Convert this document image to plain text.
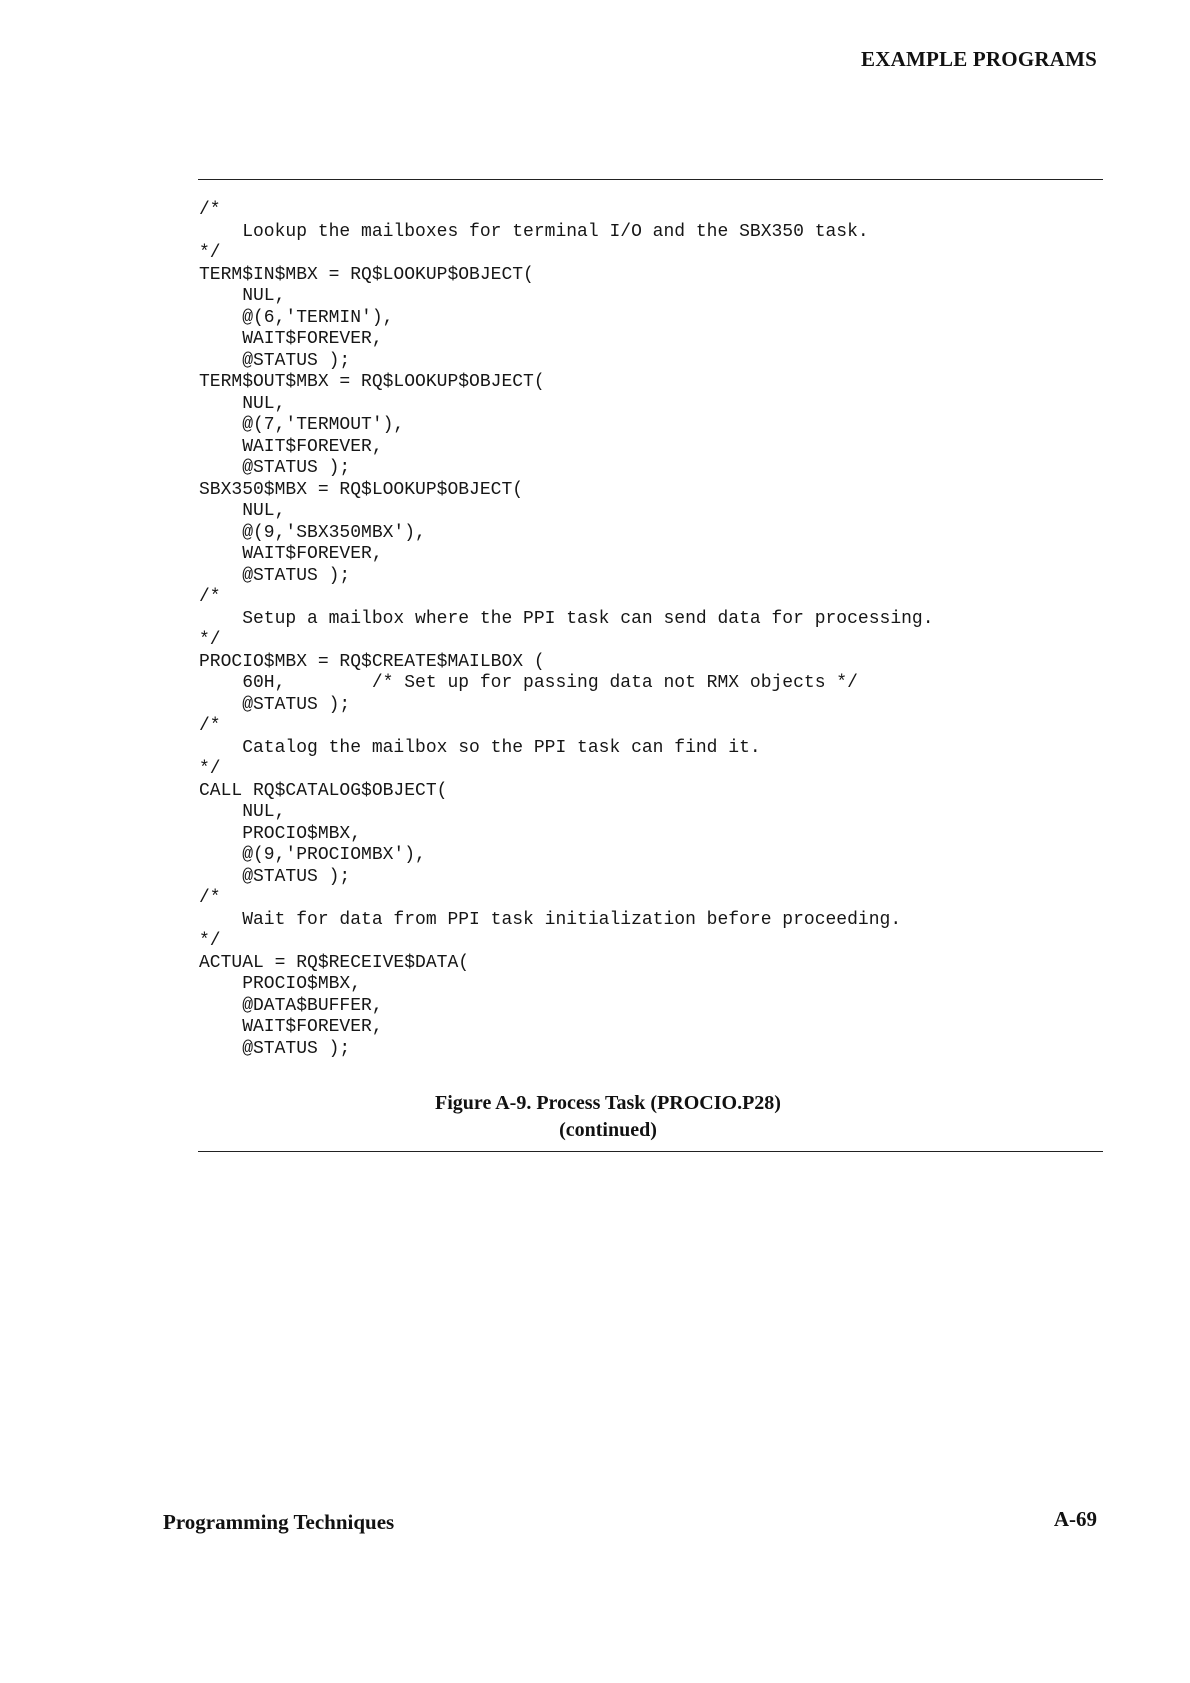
EXAMPLE PROGRAMS
/*
Lookup the mailboxes for terminal I/O and the SBX350 task.
*/
TERM$IN$MBX = RQ$LOOKUP$OBJECT(
NUL,
@(6,'TERMIN'),
WAIT$FOREVER,
@STATUS );
TERM$OUT$MBX = RQ$LOOKUP$OBJECT(
NUL,
@(7,'TERMOUT'),
WAIT$FOREVER,
@STATUS );
SBX350$MBX = RQ$LOOKUP$OBJECT(
NUL,
@(9,'SBX350MBX'),
WAIT$FOREVER,
@STATUS );
/*
Setup a mailbox where the PPI task can send data for processing.
*/
PROCIO$MBX = RQ$CREATE$MAILBOX (
60H,        /* Set up for passing data not RMX objects */
@STATUS );
/*
Catalog the mailbox so the PPI task can find it.
*/
CALL RQ$CATALOG$OBJECT(
NUL,
PROCIO$MBX,
@(9,'PROCIOMBX'),
@STATUS );
/*
Wait for data from PPI task initialization before proceeding.
*/
ACTUAL = RQ$RECEIVE$DATA(
PROCIO$MBX,
@DATA$BUFFER,
WAIT$FOREVER,
@STATUS );
Figure A-9. Process Task (PROCIO.P28)
(continued)
Programming Techniques	A-69
